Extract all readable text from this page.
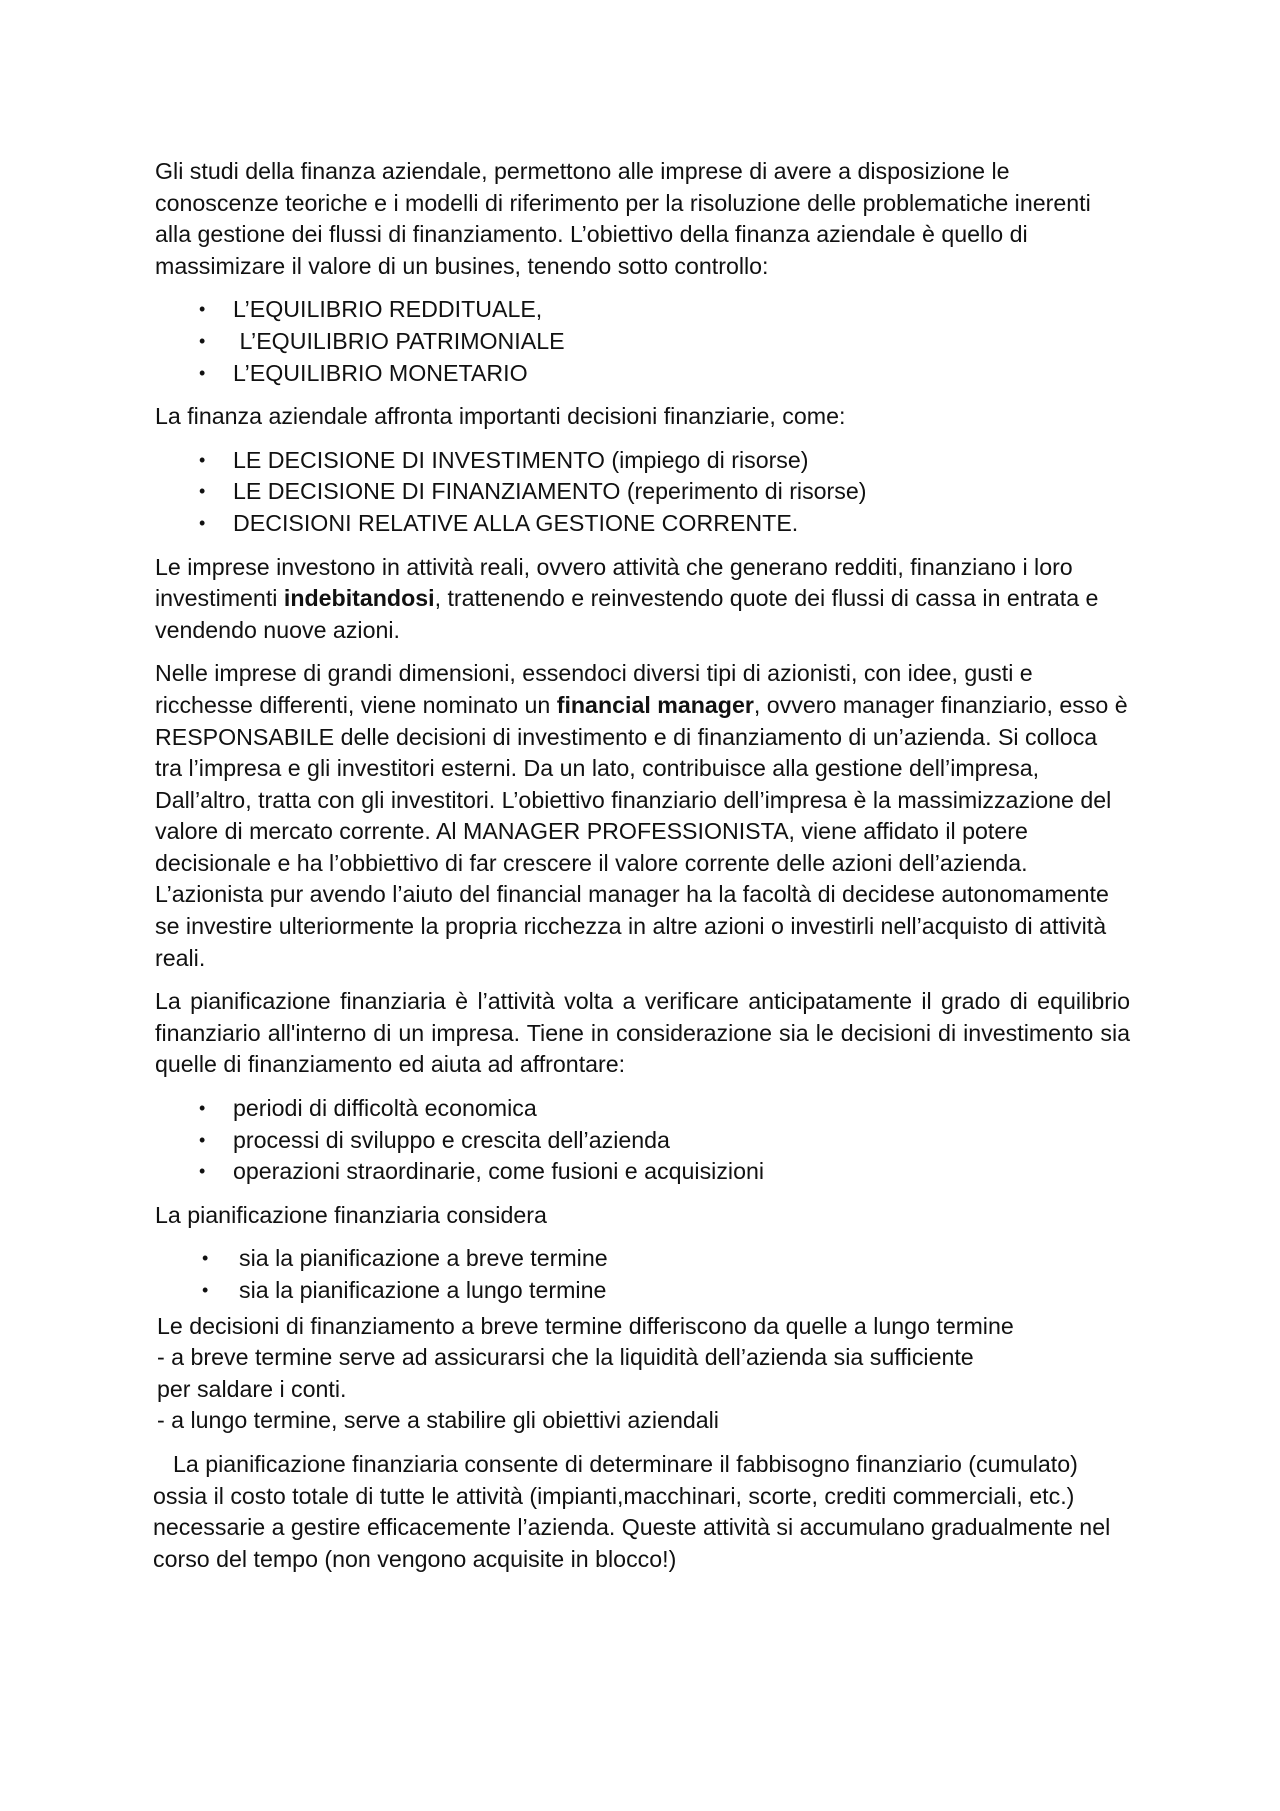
Gli studi della finanza aziendale, permettono alle imprese di avere a disposizione le conoscenze teoriche e i modelli di riferimento per la risoluzione delle problematiche inerenti alla gestione dei flussi di finanziamento. L’obiettivo della finanza aziendale è quello di massimizare il valore di un busines, tenendo sotto controllo:

• L’EQUILIBRIO REDDITUALE,
• L’EQUILIBRIO PATRIMONIALE
• L’EQUILIBRIO MONETARIO

La finanza aziendale affronta importanti decisioni finanziarie, come:

• LE DECISIONE DI INVESTIMENTO (impiego di risorse)
• LE DECISIONE DI FINANZIAMENTO (reperimento di risorse)
• DECISIONI RELATIVE ALLA GESTIONE CORRENTE.

Le imprese investono in attività reali, ovvero attività che generano redditi, finanziano i loro investimenti indebitandosi, trattenendo e reinvestendo quote dei flussi di cassa in entrata e vendendo nuove azioni.

Nelle imprese di grandi dimensioni, essendoci diversi tipi di azionisti, con idee, gusti e ricchesse differenti, viene nominato un financial manager, ovvero manager finanziario, esso è RESPONSABILE delle decisioni di investimento e di finanziamento di un’azienda. Si colloca tra l’impresa e gli investitori esterni. Da un lato, contribuisce alla gestione dell’impresa, Dall’altro, tratta con gli investitori. L’obiettivo finanziario dell’impresa è la massimizzazione del valore di mercato corrente. Al MANAGER PROFESSIONISTA, viene affidato il potere decisionale e ha l’obbiettivo di far crescere il valore corrente delle azioni dell’azienda. L’azionista pur avendo l’aiuto del financial manager ha la facoltà di decidese autonomamente se investire ulteriormente la propria ricchezza in altre azioni o investirli nell’acquisto di attività reali.

La pianificazione finanziaria è l’attività volta a verificare anticipatamente il grado di equilibrio finanziario all'interno di un impresa. Tiene in considerazione sia le decisioni di investimento sia quelle di finanziamento ed aiuta ad affrontare:

• periodi di difficoltà economica
• processi di sviluppo e crescita dell’azienda
• operazioni straordinarie, come fusioni e acquisizioni

La pianificazione finanziaria considera

• sia la pianificazione a breve termine
• sia la pianificazione a lungo termine

Le decisioni di finanziamento a breve termine differiscono da quelle a lungo termine
- a breve termine serve ad assicurarsi che la liquidità dell’azienda sia sufficiente
per saldare i conti.
- a lungo termine, serve a stabilire gli obiettivi aziendali

La pianificazione finanziaria consente di determinare il fabbisogno finanziario (cumulato) ossia il costo totale di tutte le attività (impianti,macchinari, scorte, crediti commerciali, etc.) necessarie a gestire efficacemente l’azienda. Queste attività si accumulano gradualmente nel corso del tempo (non vengono acquisite in blocco!)
